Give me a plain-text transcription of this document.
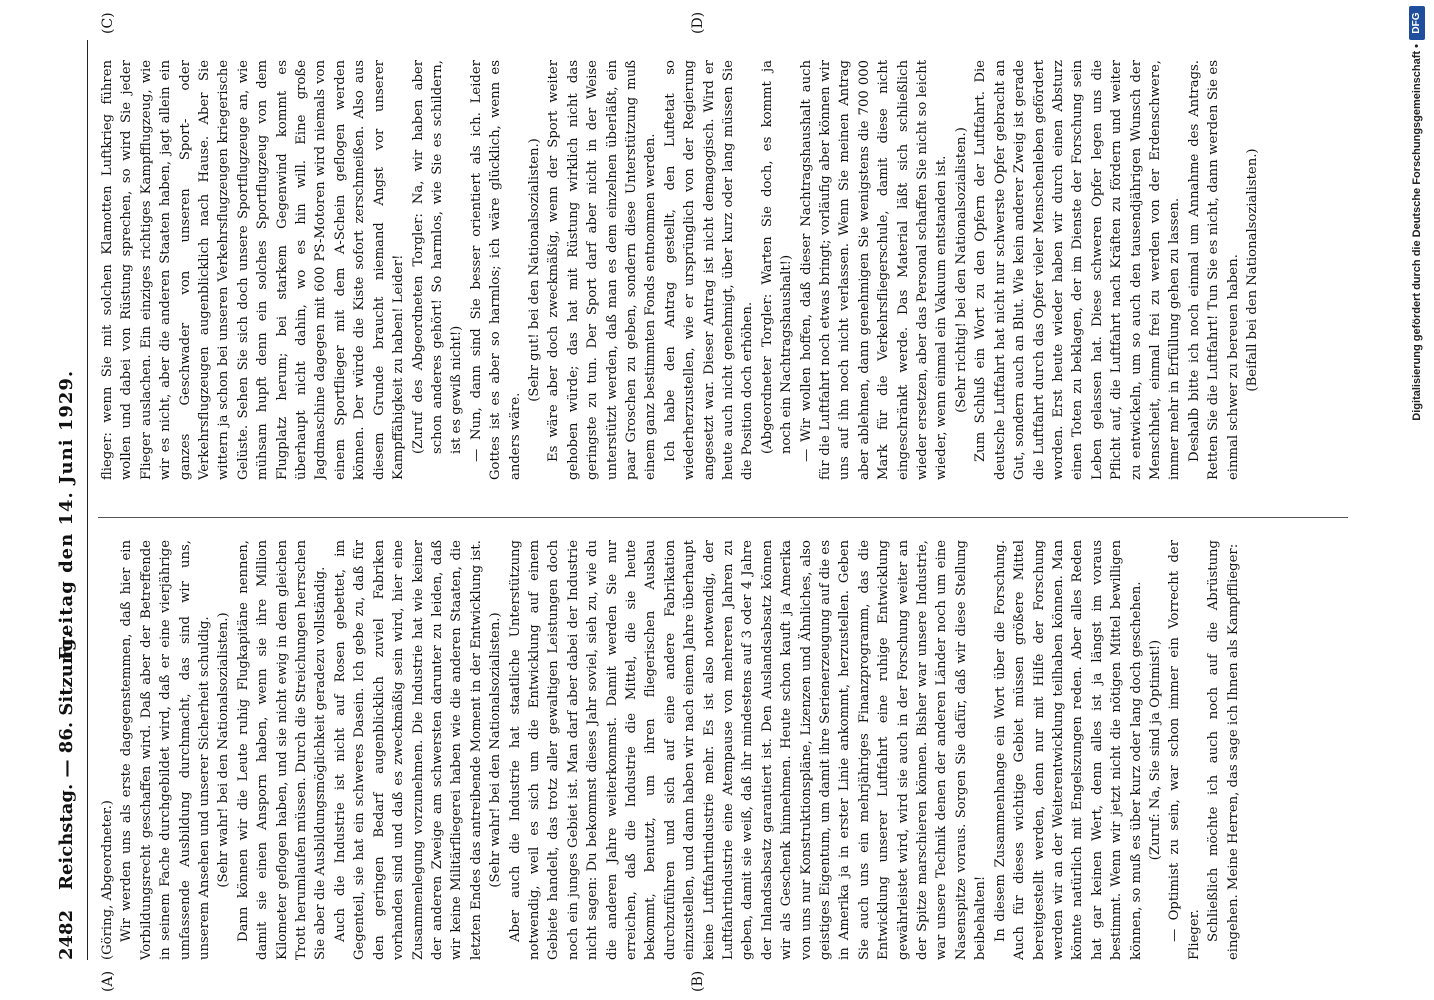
2482
Reichstag. — 86. Sitzung.
Freitag den 14. Juni 1929.
(A)	(B)
(C)	(D)

(Göring, Abgeordneter.) Wir werden uns als erste dagegenstemmen, daß hier ein Vorbildungsrecht geschaffen wird. Daß aber der Betreffende in seinem Fache durchgebildet wird, daß er eine vierjährige umfassende Ausbildung durchmacht, das sind wir uns, unserem Ansehen und unserer Sicherheit schuldig. (Sehr wahr! bei den Nationalsozialisten.) Dann können wir die Leute ruhig Flugkapitäne nennen, damit sie einen Ansporn haben, wenn sie ihre Million Kilometer geflogen haben, und sie nicht ewig in dem gleichen Trott herumlaufen müssen. Durch die Streichungen herrschen Sie aber die Ausbildungsmöglichkeit geradezu vollständig. Auch die Industrie ist nicht auf Rosen gebettet, im Gegenteil, sie hat ein schweres Dasein. Ich gebe zu, daß für den geringen Bedarf augenblicklich zuviel Fabriken vorhanden sind und daß es zweckmäßig sein wird, hier eine Zusammenlegung vorzunehmen. Die Industrie hat wie keiner der anderen Zweige am schwersten darunter zu leiden, daß wir keine Militärfliegerei haben wie die anderen Staaten, die letzten Endes das antreibende Moment in der Entwicklung ist. (Sehr wahr! bei den Nationalsozialisten.) Aber auch die Industrie hat staatliche Unterstützung notwendig, weil es sich um die Entwicklung auf einem Gebiete handelt, das trotz aller gewaltigen Leistungen doch noch ein junges Gebiet ist. Man darf aber dabei der Industrie nicht sagen: Du bekommst dieses Jahr soviel, sieh zu, wie du die anderen Jahre weiterkommst. Damit werden Sie nur erreichen, daß die Industrie die Mittel, die sie heute bekommt, benutzt, um ihren fliegerischen Ausbau durchzuführen und sich auf eine andere Fabrikation einzustellen, und dann haben wir nach einem Jahre überhaupt keine Luftfahrtindustrie mehr. Es ist also notwendig, der Luftfahrtindustrie eine Atempause von mehreren Jahren zu geben, damit sie weiß, daß ihr mindestens auf 3 oder 4 Jahre der Inlandsabsatz garantiert ist. Den Auslandsabsatz können wir als Geschenk hinnehmen. Heute schon kauft ja Amerika von uns nur Konstruktionspläne, Lizenzen und Ähnliches, also geistiges Eigentum, um damit ihre Serienerzeugung auf die es in Amerika ja in erster Linie ankommt, herzustellen. Geben Sie auch uns ein mehrjähriges Finanzprogramm, das die Entwicklung unserer Luftfahrt eine ruhige Entwicklung gewährleistet wird, wird sie auch in der Forschung weiter an der Spitze marschieren können. Bisher war unsere Industrie, war unsere Technik denen der anderen Länder noch um eine Nasenspitze voraus. Sorgen Sie dafür, daß wir diese Stellung beibehalten! In diesem Zusammenhange ein Wort über die Forschung. Auch für dieses wichtige Gebiet müssen größere Mittel bereitgestellt werden, denn nur mit Hilfe der Forschung werden wir an der Weiterentwicklung teilhaben können. Man könnte natürlich mit Engelszungen reden. Aber alles Reden hat gar keinen Wert, denn alles ist ja längst im voraus bestimmt. Wenn wir jetzt nicht die nötigen Mittel bewilligen können, so muß es über kurz oder lang doch geschehen. (Zuruf: Na, Sie sind ja Optimist!) — Optimist zu sein, war schon immer ein Vorrecht der Flieger. Schließlich möchte ich auch noch auf die Abrüstung eingehen. Meine Herren, das sage ich Ihnen als Kampfflieger:

flieger: wenn Sie mit solchen Klamotten Luftkrieg führen wollen und dabei von Rüstung sprechen, so wird Sie jeder Flieger auslachen. Ein einziges richtiges Kampfflugzeug, wie wir es nicht, aber die anderen Staaten haben, jagt allein ein ganzes Geschwader von unseren Sport- oder Verkehrsflugzeugen augenblicklich nach Hause. Aber Sie wittern ja schon bei unseren Verkehrsflugzeugen kriegerische Gelüste. Sehen Sie sich doch unsere Sportflugzeuge an, wie mühsam hupft denn ein solches Sportflugzeug von dem Flugplatz herum; bei starkem Gegenwind kommt es überhaupt nicht dahin, wo es hin will. Eine große Jagdmaschine dagegen mit 600 PS-Motoren wird niemals von einem Sportflieger mit dem A-Schein geflogen werden können. Der würde die Kiste sofort zerschmeißen. Also aus diesem Grunde braucht niemand Angst vor unserer Kampffähigkeit zu haben! Leider! (Zuruf des Abgeordneten Torgler: Na, wir haben aber schon anderes gehört! So harmlos, wie Sie es schildern, ist es gewiß nicht!) — Nun, dann sind Sie besser orientiert als ich. Leider Gottes ist es aber so harmlos; ich wäre glücklich, wenn es anders wäre.

(Sehr gut! bei den Nationalsozialisten.) Es wäre aber doch zweckmäßig, wenn der Sport weiter gehoben würde; das hat mit Rüstung wirklich nicht das geringste zu tun. Der Sport darf aber nicht in der Weise unterstützt werden, daß man es dem einzelnen überläßt, ein paar Groschen zu geben, sondern diese Unterstützung muß einem ganz bestimmten Fonds entnommen werden. Ich habe den Antrag gestellt, den Luftetat so wiederherzustellen, wie er ursprünglich von der Regierung angesetzt war. Dieser Antrag ist nicht demagogisch. Wird er heute auch nicht genehmigt, über kurz oder lang müssen Sie die Position doch erhöhen. (Abgeordneter Torgler: Warten Sie doch, es kommt ja noch ein Nachtragshaushalt!) — Wir wollen hoffen, daß dieser Nachtragshaushalt auch für die Luftfahrt noch etwas bringt; vorläufig aber können wir uns auf ihn noch nicht verlassen. Wenn Sie meinen Antrag aber ablehnen, dann genehmigen Sie wenigstens die 700 000 Mark für die Verkehrsfliegerschule, damit diese nicht eingeschränkt werde. Das Material läßt sich schließlich wieder ersetzen, aber das Personal schaffen Sie nicht so leicht wieder, wenn einmal ein Vakuum entstanden ist. (Sehr richtig! bei den Nationalsozialisten.) Zum Schluß ein Wort zu den Opfern der Luftfahrt. Die deutsche Luftfahrt hat nicht nur schwerste Opfer gebracht an Gut, sondern auch an Blut. Wie kein anderer Zweig ist gerade die Luftfahrt durch das Opfer vieler Menschenleben gefördert worden. Erst heute wieder haben wir durch einen Absturz einen Toten zu beklagen, der im Dienste der Forschung sein Leben gelassen hat. Diese schweren Opfer legen uns die Pflicht auf, die Luftfahrt nach Kräften zu fördern und weiter zu entwickeln, um so auch den tausendjährigen Wunsch der Menschheit, einmal frei zu werden von der Erdenschwere, immer mehr in Erfüllung gehen zu lassen. Deshalb bitte ich noch einmal um Annahme des Antrags. Retten Sie die Luftfahrt! Tun Sie es nicht, dann werden Sie es einmal schwer zu bereuen haben. (Beifall bei den Nationalsozialisten.)	Digitalisierung gefördert durch die Deutsche Forschungsgemeinschaft •
DFG
